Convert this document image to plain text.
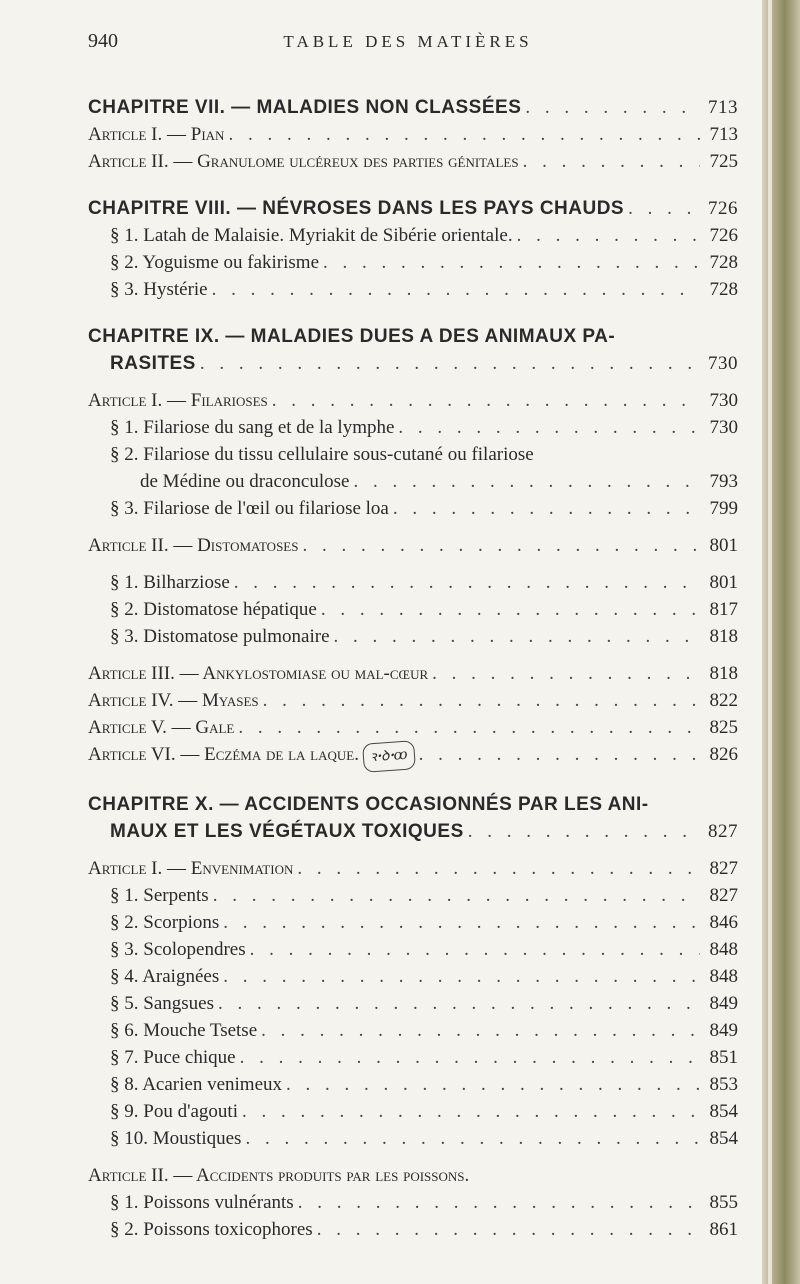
940	TABLE DES MATIÈRES
CHAPITRE VII. — MALADIES NON CLASSÉES . . .	713
Article I. — Pian . . .	713
Article II. — Granulome ulcéreux des parties génitales . . .	725
CHAPITRE VIII. — NÉVROSES DANS LES PAYS CHAUDS . . .	726
§ 1. Latah de Malaisie. Myriakit de Sibérie orientale. . . .	726
§ 2. Yoguisme ou fakirisme . . .	728
§ 3. Hystérie . . .	728
CHAPITRE IX. — MALADIES DUES A DES ANIMAUX PA-
RASITES . . .	730
Article I. — Filarioses . . .	730
§ 1. Filariose du sang et de la lymphe . . .	730
§ 2. Filariose du tissu cellulaire sous-cutané ou filariose
de Médine ou draconculose . . .	793
§ 3. Filariose de l'œil ou filariose loa . . .	799
Article II. — Distomatoses . . .	801
§ 1. Bilharziose . . .	801
§ 2. Distomatose hépatique . . .	817
§ 3. Distomatose pulmonaire . . .	818
Article III. — Ankylostomiase ou mal-cœur . . .	818
Article IV. — Myases . . .	822
Article V. — Gale . . .	825
Article VI. — Eczéma de la laque. ꝛꞏꝺꞏꝏ . . .	826
CHAPITRE X. — ACCIDENTS OCCASIONNÉS PAR LES ANI-
MAUX ET LES VÉGÉTAUX TOXIQUES . . .	827
Article I. — Envenimation . . .	827
§ 1. Serpents . . .	827
§ 2. Scorpions . . .	846
§ 3. Scolopendres . . .	848
§ 4. Araignées . . .	848
§ 5. Sangsues . . .	849
§ 6. Mouche Tsetse . . .	849
§ 7. Puce chique . . .	851
§ 8. Acarien venimeux . . .	853
§ 9. Pou d'agouti . . .	854
§ 10. Moustiques . . .	854
Article II. — Accidents produits par les poissons.
§ 1. Poissons vulnérants . . .	855
§ 2. Poissons toxicophores . . .	861
